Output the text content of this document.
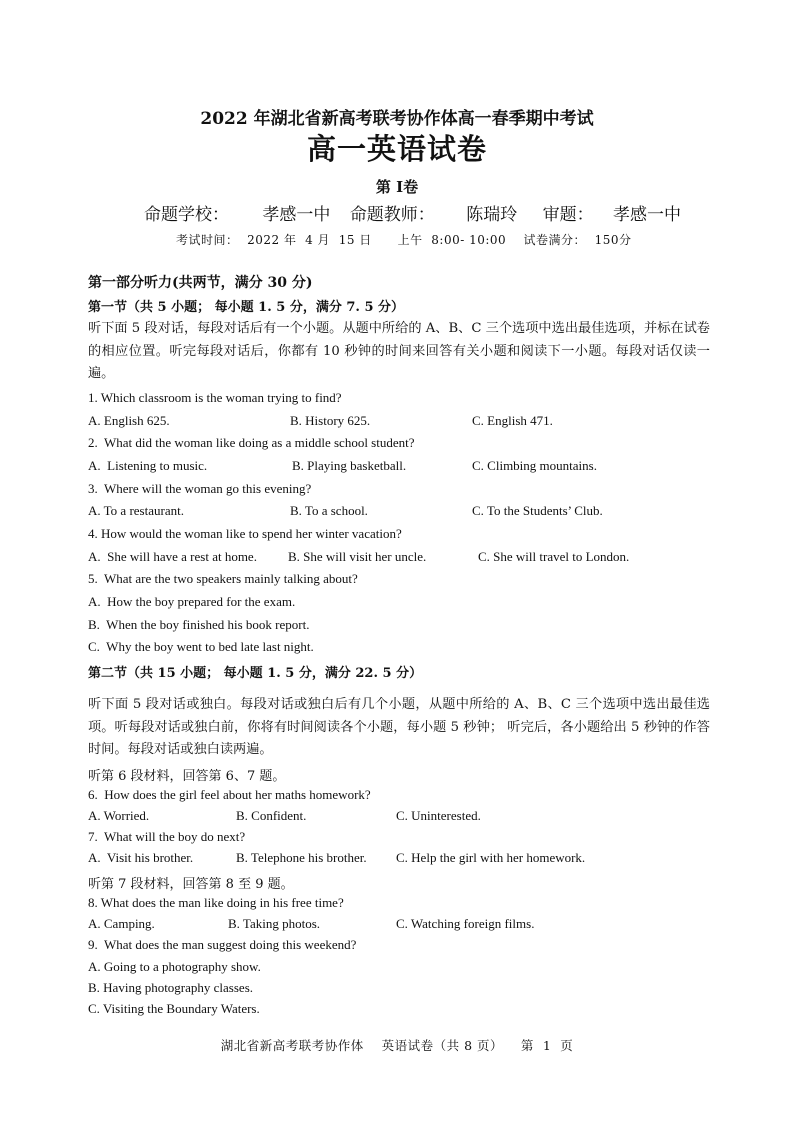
2022 年湖北省新高考联考协作体高一春季期中考试
高一英语试卷
第 I卷
命题学校： 孝感一中 命题教师： 陈瑞玲 审题： 孝感一中
考试时间：  2022 年  4 月  15 日      上午  8:00- 10:00    试卷满分：  150分
第一部分听力(共两节，满分 30 分)
第一节（共 5 小题； 每小题 1. 5 分，满分 7. 5 分）
听下面 5 段对话，每段对话后有一个小题。从题中所给的 A、B、C 三个选项中选出最佳选项，并标在试卷的相应位置。听完每段对话后，你都有 10 秒钟的时间来回答有关小题和阅读下一小题。每段对话仅读一遍。
1. Which classroom is the woman trying to find?
A. English 625.	B. History 625.	C. English 471.
2.  What did the woman like doing as a middle school student?
A.  Listening to music.	B. Playing basketball.	C. Climbing mountains.
3.  Where will the woman go this evening?
A. To a restaurant.	B. To a school.	C. To the Students’ Club.
4. How would the woman like to spend her winter vacation?
A.  She will have a rest at home. B. She will visit her uncle.	C. She will travel to London.
5.  What are the two speakers mainly talking about?
A.  How the boy prepared for the exam.
B.  When the boy finished his book report.
C.  Why the boy went to bed late last night.
第二节（共 15 小题； 每小题 1. 5 分，满分 22. 5 分）
听下面 5 段对话或独白。每段对话或独白后有几个小题，从题中所给的 A、B、C 三个选项中选出最佳选项。听每段对话或独白前，你将有时间阅读各个小题，每小题 5 秒钟； 听完后，各小题给出 5 秒钟的作答时间。每段对话或独白读两遍。
听第 6 段材料，回答第 6、7 题。
6.  How does the girl feel about her maths homework?
A. Worried.	B. Confident.	C. Uninterested.
7.  What will the boy do next?
A.  Visit his brother.	B. Telephone his brother. C. Help the girl with her homework.
听第 7 段材料，回答第 8 至 9 题。
8. What does the man like doing in his free time?
A. Camping.	B. Taking photos.	C. Watching foreign films.
9.  What does the man suggest doing this weekend?
A. Going to a photography show.
B. Having photography classes.
C. Visiting the Boundary Waters.
湖北省新高考联考协作体    英语试卷（共 8 页）    第  1  页
